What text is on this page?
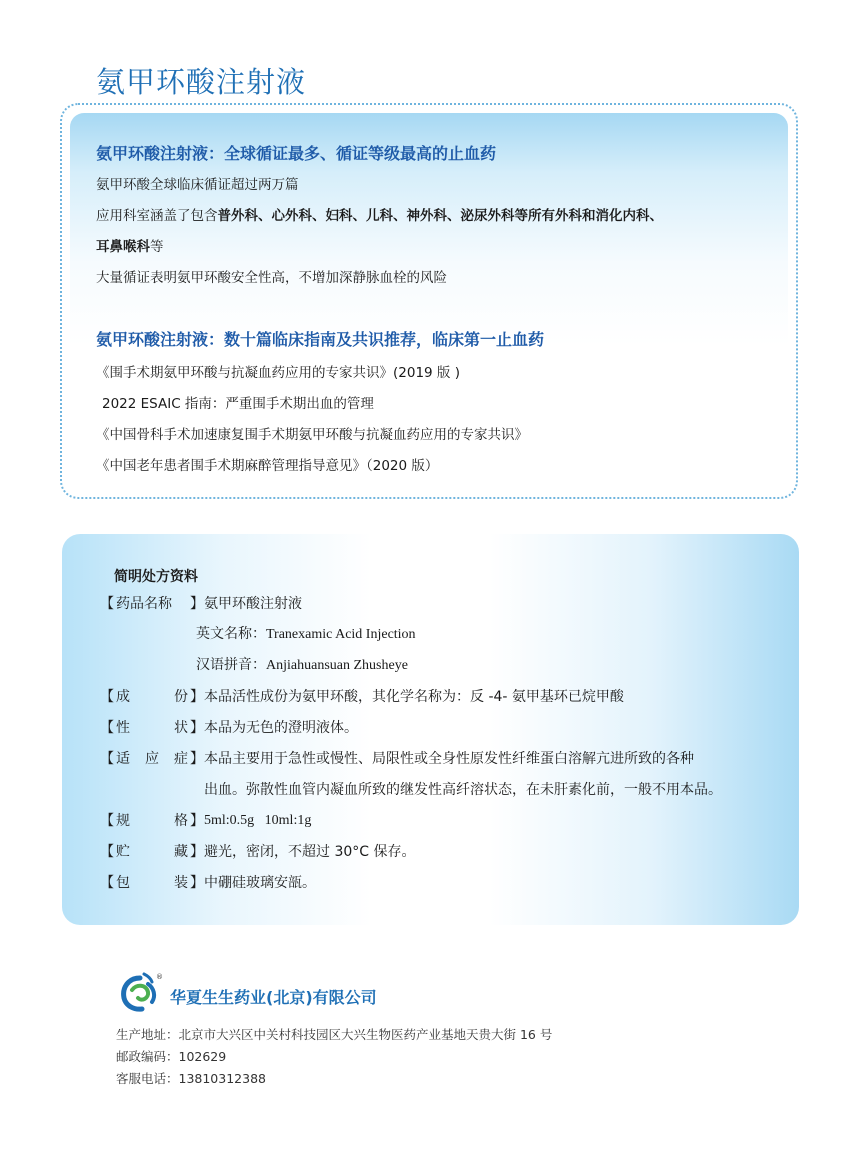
氨甲环酸注射液
氨甲环酸注射液：全球循证最多、循证等级最高的止血药
氨甲环酸全球临床循证超过两万篇
应用科室涵盖了包含普外科、心外科、妇科、儿科、神外科、泌尿外科等所有外科和消化内科、
耳鼻喉科等
大量循证表明氨甲环酸安全性高，不增加深静脉血栓的风险
氨甲环酸注射液：数十篇临床指南及共识推荐，临床第一止血药
《围手术期氨甲环酸与抗凝血药应用的专家共识》(2019 版 )
2022 ESAIC 指南：严重围手术期出血的管理
《中国骨科手术加速康复围手术期氨甲环酸与抗凝血药应用的专家共识》
《中国老年患者围手术期麻醉管理指导意见》（2020 版）
简明处方资料
【 药品名称 】 氨甲环酸注射液
英文名称：Tranexamic Acid Injection
汉语拼音：Anjiahuansuan Zhusheye
【 成	份 】 本品活性成份为氨甲环酸，其化学名称为：反 -4- 氨甲基环已烷甲酸
【 性	状 】 本品为无色的澄明液体。
【 适 应 症 】 本品主要用于急性或慢性、局限性或全身性原发性纤维蛋白溶解亢进所致的各种
出血。弥散性血管内凝血所致的继发性高纤溶状态，在未肝素化前，一般不用本品。
【 规	格 】 5ml:0.5g   10ml:1g
【 贮	藏 】 避光，密闭，不超过 30°C 保存。
【 包	装 】 中硼硅玻璃安瓿。
®
华夏生生药业(北京)有限公司
生产地址：北京市大兴区中关村科技园区大兴生物医药产业基地天贵大街 16 号
邮政编码：102629
客服电话：13810312388
